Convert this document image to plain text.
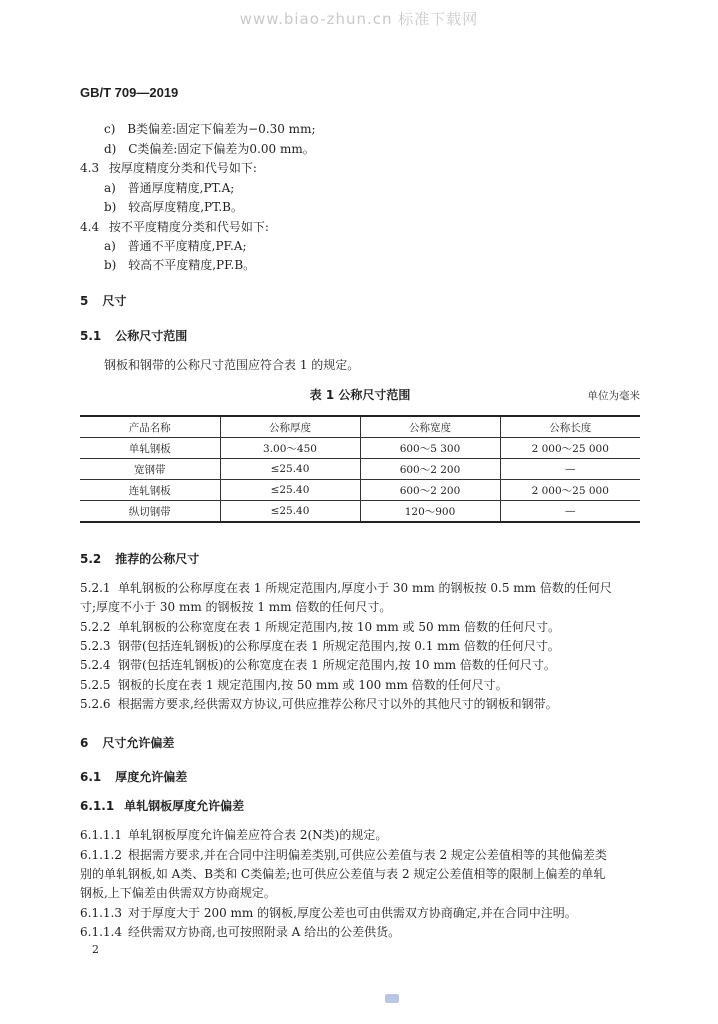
www.biao-zhun.cn 标准下载网
GB/T 709—2019
c) B类偏差:固定下偏差为−0.30 mm;
d) C类偏差:固定下偏差为0.00 mm。
4.3 按厚度精度分类和代号如下:
a) 普通厚度精度,PT.A;
b) 较高厚度精度,PT.B。
4.4 按不平度精度分类和代号如下:
a) 普通不平度精度,PF.A;
b) 较高不平度精度,PF.B。
5 尺寸
5.1 公称尺寸范围
钢板和钢带的公称尺寸范围应符合表 1 的规定。
表 1 公称尺寸范围	单位为毫米
产品名称	公称厚度	公称宽度	公称长度
单轧钢板	3.00～450	600～5 300	2 000～25 000
宽钢带	≤25.40	600～2 200	—
连轧钢板	≤25.40	600～2 200	2 000～25 000
纵切钢带	≤25.40	120～900	—
5.2 推荐的公称尺寸
5.2.1 单轧钢板的公称厚度在表 1 所规定范围内,厚度小于 30 mm 的钢板按 0.5 mm 倍数的任何尺
寸;厚度不小于 30 mm 的钢板按 1 mm 倍数的任何尺寸。
5.2.2 单轧钢板的公称宽度在表 1 所规定范围内,按 10 mm 或 50 mm 倍数的任何尺寸。
5.2.3 钢带(包括连轧钢板)的公称厚度在表 1 所规定范围内,按 0.1 mm 倍数的任何尺寸。
5.2.4 钢带(包括连轧钢板)的公称宽度在表 1 所规定范围内,按 10 mm 倍数的任何尺寸。
5.2.5 钢板的长度在表 1 规定范围内,按 50 mm 或 100 mm 倍数的任何尺寸。
5.2.6 根据需方要求,经供需双方协议,可供应推荐公称尺寸以外的其他尺寸的钢板和钢带。
6 尺寸允许偏差
6.1 厚度允许偏差
6.1.1 单轧钢板厚度允许偏差
6.1.1.1 单轧钢板厚度允许偏差应符合表 2(N类)的规定。
6.1.1.2 根据需方要求,并在合同中注明偏差类别,可供应公差值与表 2 规定公差值相等的其他偏差类
别的单轧钢板,如 A类、B类和 C类偏差;也可供应公差值与表 2 规定公差值相等的限制上偏差的单轧
钢板,上下偏差由供需双方协商规定。
6.1.1.3 对于厚度大于 200 mm 的钢板,厚度公差也可由供需双方协商确定,并在合同中注明。
6.1.1.4 经供需双方协商,也可按照附录 A 给出的公差供货。
2
